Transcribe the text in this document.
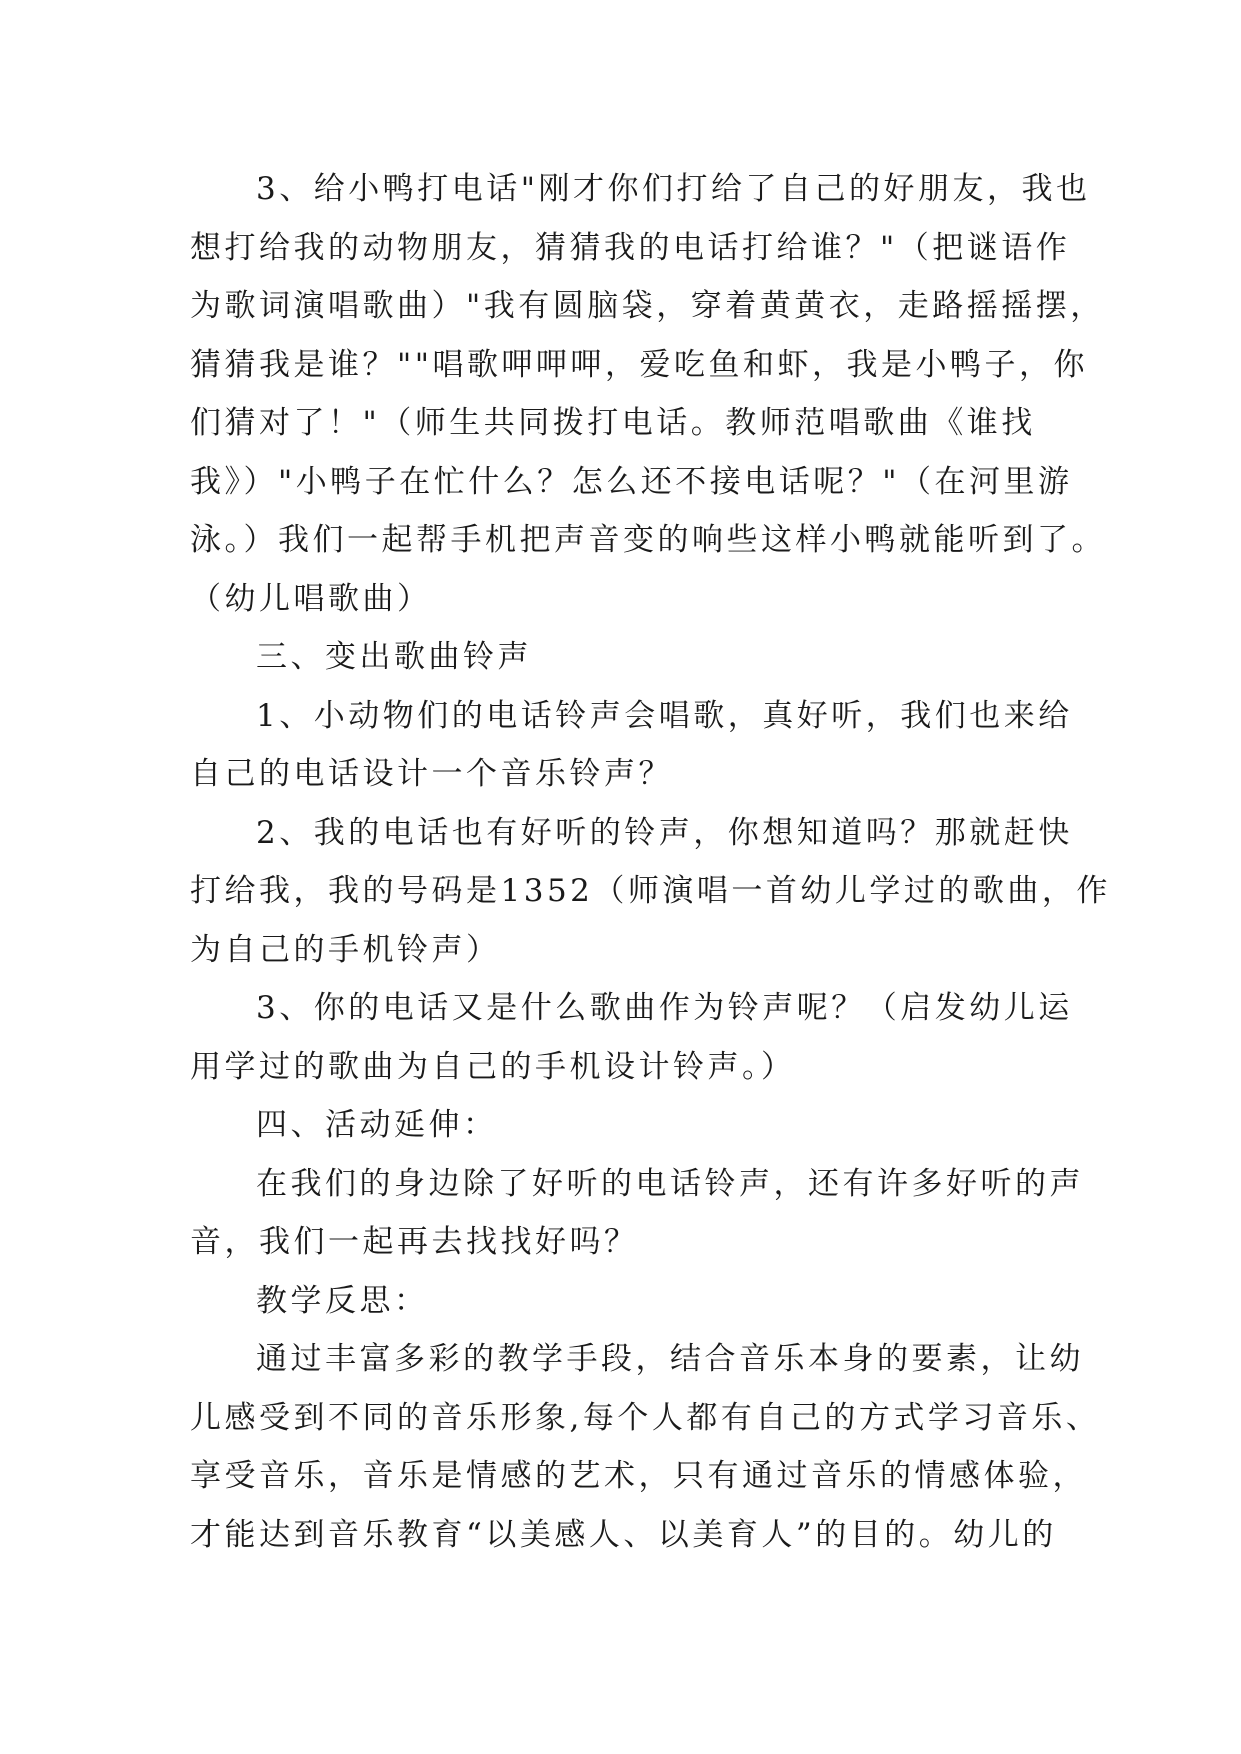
3、给小鸭打电话"刚才你们打给了自己的好朋友，我也
想打给我的动物朋友，猜猜我的电话打给谁？"（把谜语作
为歌词演唱歌曲）"我有圆脑袋，穿着黄黄衣，走路摇摇摆，
猜猜我是谁？""唱歌呷呷呷，爱吃鱼和虾，我是小鸭子，你
们猜对了！"（师生共同拨打电话。教师范唱歌曲《谁找
我》）"小鸭子在忙什么？怎么还不接电话呢？"（在河里游
泳。）我们一起帮手机把声音变的响些这样小鸭就能听到了。
（幼儿唱歌曲）
三、变出歌曲铃声
1、小动物们的电话铃声会唱歌，真好听，我们也来给
自己的电话设计一个音乐铃声？
2、我的电话也有好听的铃声，你想知道吗？那就赶快
打给我，我的号码是1352（师演唱一首幼儿学过的歌曲，作
为自己的手机铃声）
3、你的电话又是什么歌曲作为铃声呢？（启发幼儿运
用学过的歌曲为自己的手机设计铃声。）
四、活动延伸：
在我们的身边除了好听的电话铃声，还有许多好听的声
音，我们一起再去找找好吗？
教学反思：
通过丰富多彩的教学手段，结合音乐本身的要素，让幼
儿感受到不同的音乐形象,每个人都有自己的方式学习音乐、
享受音乐，音乐是情感的艺术，只有通过音乐的情感体验，
才能达到音乐教育“以美感人、以美育人”的目的。幼儿的
